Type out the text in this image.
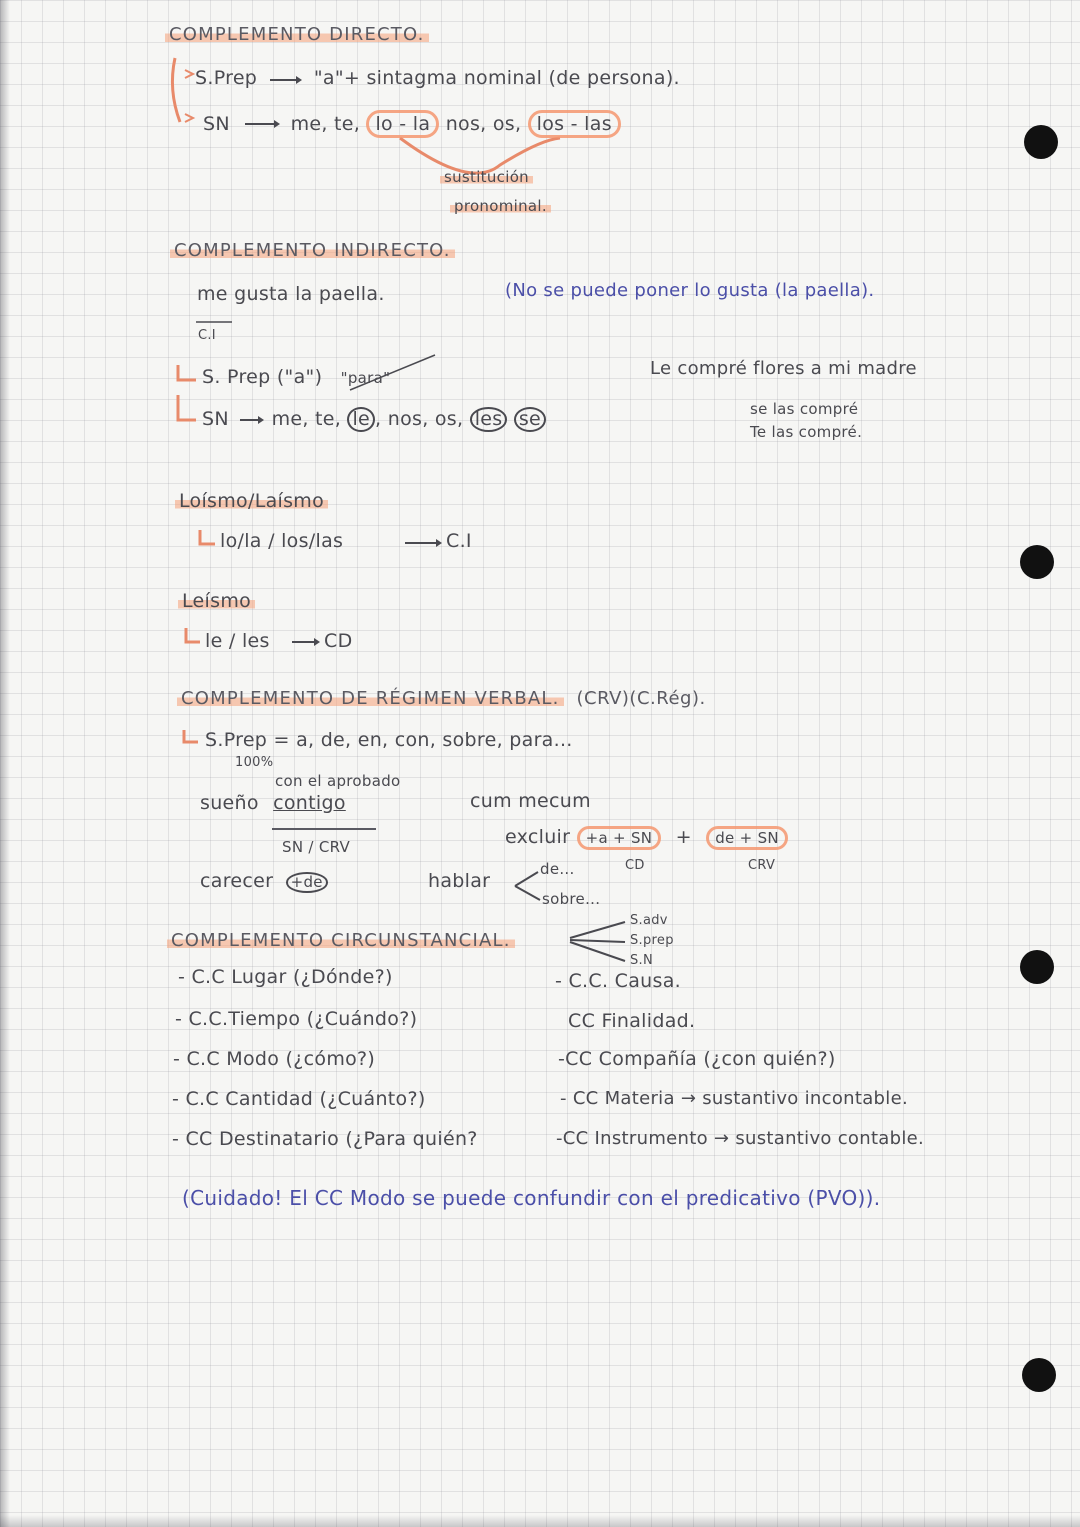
COMPLEMENTO DIRECTO.
S.Prep	"a"+ sintagma nominal (de persona).
SN	me, te, lo - la nos, os, los - las
sustitución
pronominal.
COMPLEMENTO INDIRECTO.
me gusta la paella.
C.I
(No se puede poner lo gusta (la paella).
S. Prep ("a") "para"
SN me, te, le , nos, os, les se
Le compré flores a mi madre
se las compré
Te las compré.
Loísmo/Laísmo
lo/la / los/las	C.I
Leísmo
le / les	CD
COMPLEMENTO DE RÉGIMEN VERBAL. (CRV)(C.Rég).
S.Prep = a, de, en, con, sobre, para...
100%
con el aprobado
sueño contigo
SN / CRV
cum mecum
excluir +a + SN + de + SN
CD	CRV
carecer +de	hablar
de...
sobre...
COMPLEMENTO CIRCUNSTANCIAL.
S.adv
S.prep
S.N
- C.C Lugar (¿Dónde?)
- C.C.Tiempo (¿Cuándo?)
- C.C Modo (¿cómo?)
- C.C Cantidad (¿Cuánto?)
- CC Destinatario (¿Para quién?
- C.C. Causa.
CC Finalidad.
-CC Compañía (¿con quién?)
- CC Materia → sustantivo incontable.
-CC Instrumento → sustantivo contable.
(Cuidado! El CC Modo se puede confundir con el predicativo (PVO)).
